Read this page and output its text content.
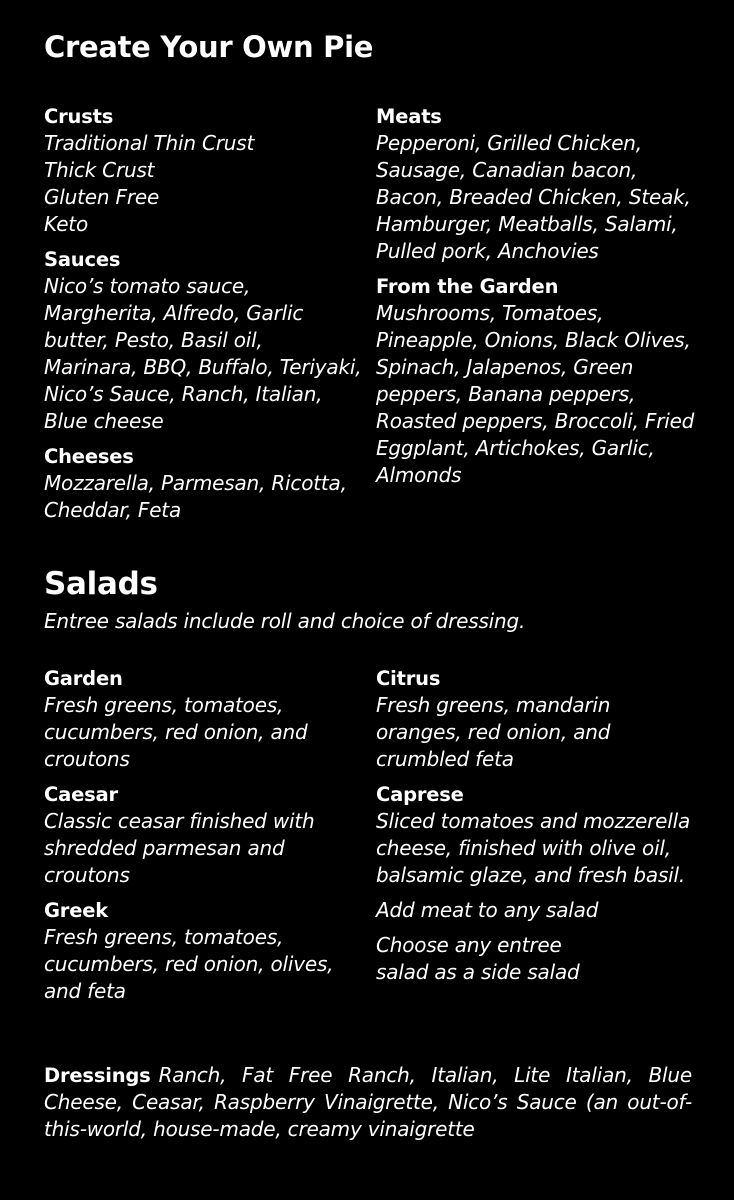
Create Your Own Pie
Crusts
Traditional Thin Crust
Thick Crust
Gluten Free
Keto
Sauces
Nico’s tomato sauce, Margherita, Alfredo, Garlic butter, Pesto, Basil oil, Marinara, BBQ, Buffalo, Teriyaki, Nico’s Sauce, Ranch, Italian, Blue cheese
Cheeses
Mozzarella, Parmesan, Ricotta, Cheddar, Feta
Meats
Pepperoni, Grilled Chicken, Sausage, Canadian bacon, Bacon, Breaded Chicken, Steak, Hamburger, Meatballs, Salami, Pulled pork, Anchovies
From the Garden
Mushrooms, Tomatoes, Pineapple, Onions, Black Olives, Spinach, Jalapenos, Green peppers, Banana peppers, Roasted peppers, Broccoli, Fried Eggplant, Artichokes, Garlic, Almonds
Salads
Entree salads include roll and choice of dressing.
Garden
Fresh greens, tomatoes, cucumbers, red onion, and croutons
Caesar
Classic ceasar finished with shredded parmesan and croutons
Greek
Fresh greens, tomatoes, cucumbers, red onion, olives, and feta
Citrus
Fresh greens, mandarin oranges, red onion, and crumbled feta
Caprese
Sliced tomatoes and mozzerella cheese, finished with olive oil,
balsamic glaze, and fresh basil.
Add meat to any salad
Choose any entree
salad as a side salad
Dressings Ranch, Fat Free Ranch, Italian, Lite Italian, Blue Cheese, Ceasar, Raspberry Vinaigrette, Nico’s Sauce (an out-of-this-world, house-made, creamy vinaigrette
